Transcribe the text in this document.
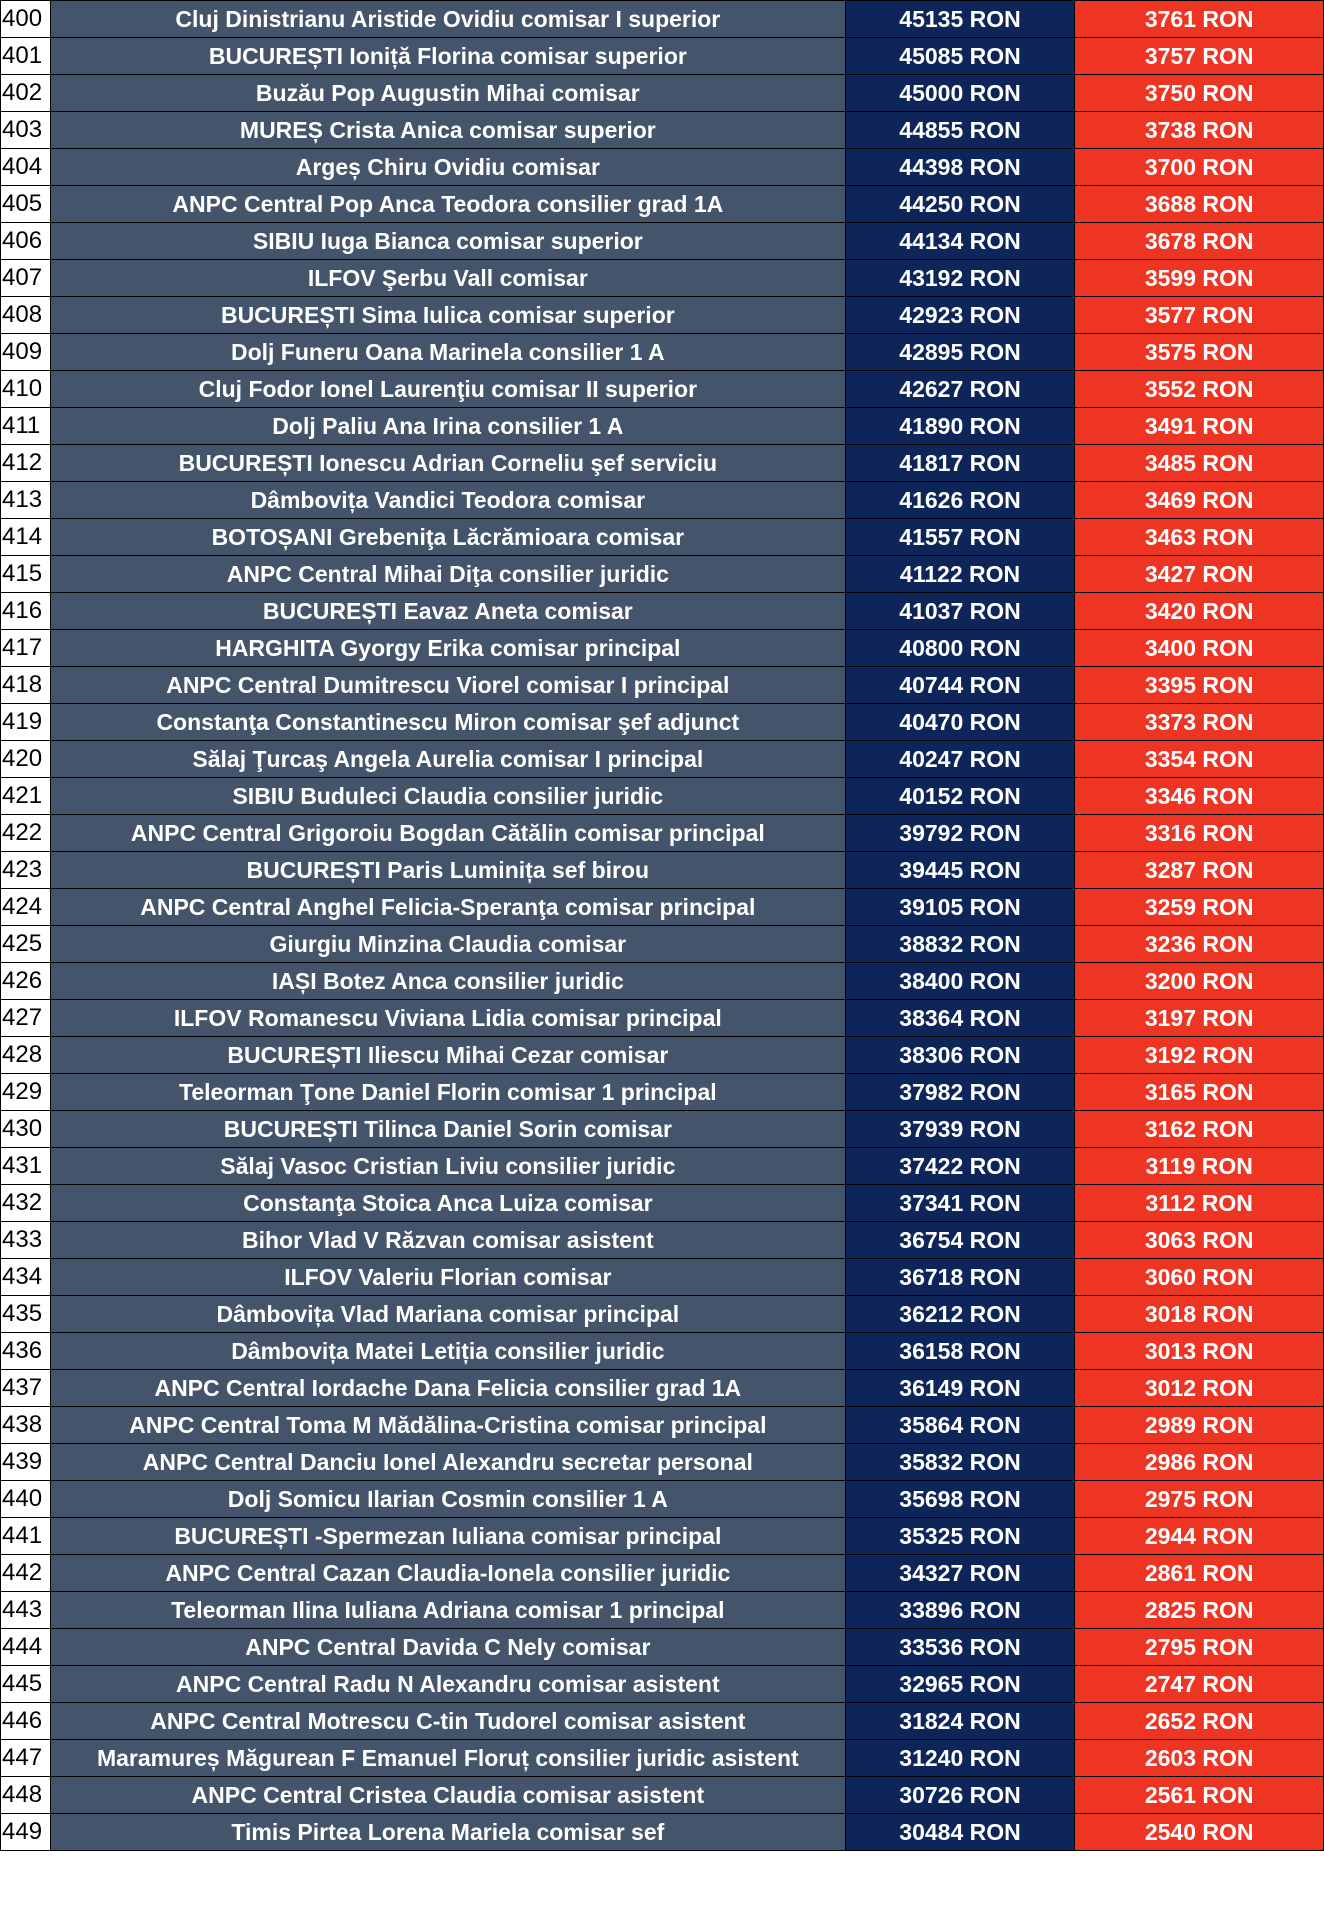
400	Cluj Dinistrianu Aristide Ovidiu comisar I superior	45135 RON	3761 RON
401	BUCUREȘTI Ioniță Florina comisar superior	45085 RON	3757 RON
402	Buzău Pop Augustin Mihai comisar	45000 RON	3750 RON
403	MUREȘ Crista Anica comisar superior	44855 RON	3738 RON
404	Argeș Chiru Ovidiu comisar	44398 RON	3700 RON
405	ANPC Central Pop Anca Teodora consilier grad 1A	44250 RON	3688 RON
406	SIBIU Iuga Bianca comisar superior	44134 RON	3678 RON
407	ILFOV Şerbu Vall comisar	43192 RON	3599 RON
408	BUCUREȘTI Sima Iulica comisar superior	42923 RON	3577 RON
409	Dolj Funeru Oana Marinela consilier 1 A	42895 RON	3575 RON
410	Cluj Fodor Ionel Laurenţiu comisar II superior	42627 RON	3552 RON
411	Dolj Paliu Ana Irina consilier 1 A	41890 RON	3491 RON
412	BUCUREȘTI Ionescu Adrian Corneliu şef serviciu	41817 RON	3485 RON
413	Dâmbovița Vandici Teodora comisar	41626 RON	3469 RON
414	BOTOȘANI Grebeniţa Lăcrămioara comisar	41557 RON	3463 RON
415	ANPC Central Mihai Diţa consilier juridic	41122 RON	3427 RON
416	BUCUREȘTI Eavaz Aneta comisar	41037 RON	3420 RON
417	HARGHITA Gyorgy Erika comisar principal	40800 RON	3400 RON
418	ANPC Central Dumitrescu Viorel comisar I principal	40744 RON	3395 RON
419	Constanţa Constantinescu Miron comisar şef adjunct	40470 RON	3373 RON
420	Sălaj Ţurcaş Angela Aurelia comisar I principal	40247 RON	3354 RON
421	SIBIU Buduleci Claudia consilier juridic	40152 RON	3346 RON
422	ANPC Central Grigoroiu Bogdan Cătălin comisar principal	39792 RON	3316 RON
423	BUCUREȘTI Paris Luminița sef birou	39445 RON	3287 RON
424	ANPC Central Anghel Felicia-Speranţa comisar principal	39105 RON	3259 RON
425	Giurgiu Minzina Claudia comisar	38832 RON	3236 RON
426	IAȘI Botez Anca consilier juridic	38400 RON	3200 RON
427	ILFOV Romanescu Viviana Lidia comisar principal	38364 RON	3197 RON
428	BUCUREȘTI Iliescu Mihai Cezar comisar	38306 RON	3192 RON
429	Teleorman Ţone Daniel Florin comisar 1 principal	37982 RON	3165 RON
430	BUCUREȘTI Tilinca Daniel Sorin comisar	37939 RON	3162 RON
431	Sălaj Vasoc Cristian Liviu consilier juridic	37422 RON	3119 RON
432	Constanţa Stoica Anca Luiza comisar	37341 RON	3112 RON
433	Bihor Vlad V Răzvan comisar asistent	36754 RON	3063 RON
434	ILFOV Valeriu Florian comisar	36718 RON	3060 RON
435	Dâmbovița Vlad Mariana comisar principal	36212 RON	3018 RON
436	Dâmbovița Matei Letiția consilier juridic	36158 RON	3013 RON
437	ANPC Central Iordache Dana Felicia consilier grad 1A	36149 RON	3012 RON
438	ANPC Central Toma M Mădălina-Cristina comisar principal	35864 RON	2989 RON
439	ANPC Central Danciu Ionel Alexandru secretar personal	35832 RON	2986 RON
440	Dolj Somicu Ilarian Cosmin consilier 1 A	35698 RON	2975 RON
441	BUCUREȘTI -Spermezan Iuliana comisar principal	35325 RON	2944 RON
442	ANPC Central Cazan Claudia-Ionela consilier juridic	34327 RON	2861 RON
443	Teleorman Ilina Iuliana Adriana comisar 1 principal	33896 RON	2825 RON
444	ANPC Central Davida C Nely comisar	33536 RON	2795 RON
445	ANPC Central Radu N Alexandru comisar asistent	32965 RON	2747 RON
446	ANPC Central Motrescu C-tin Tudorel comisar asistent	31824 RON	2652 RON
447	Maramureș Măgurean F Emanuel Floruț consilier juridic asistent	31240 RON	2603 RON
448	ANPC Central Cristea Claudia comisar asistent	30726 RON	2561 RON
449	Timis Pirtea Lorena Mariela comisar sef	30484 RON	2540 RON
